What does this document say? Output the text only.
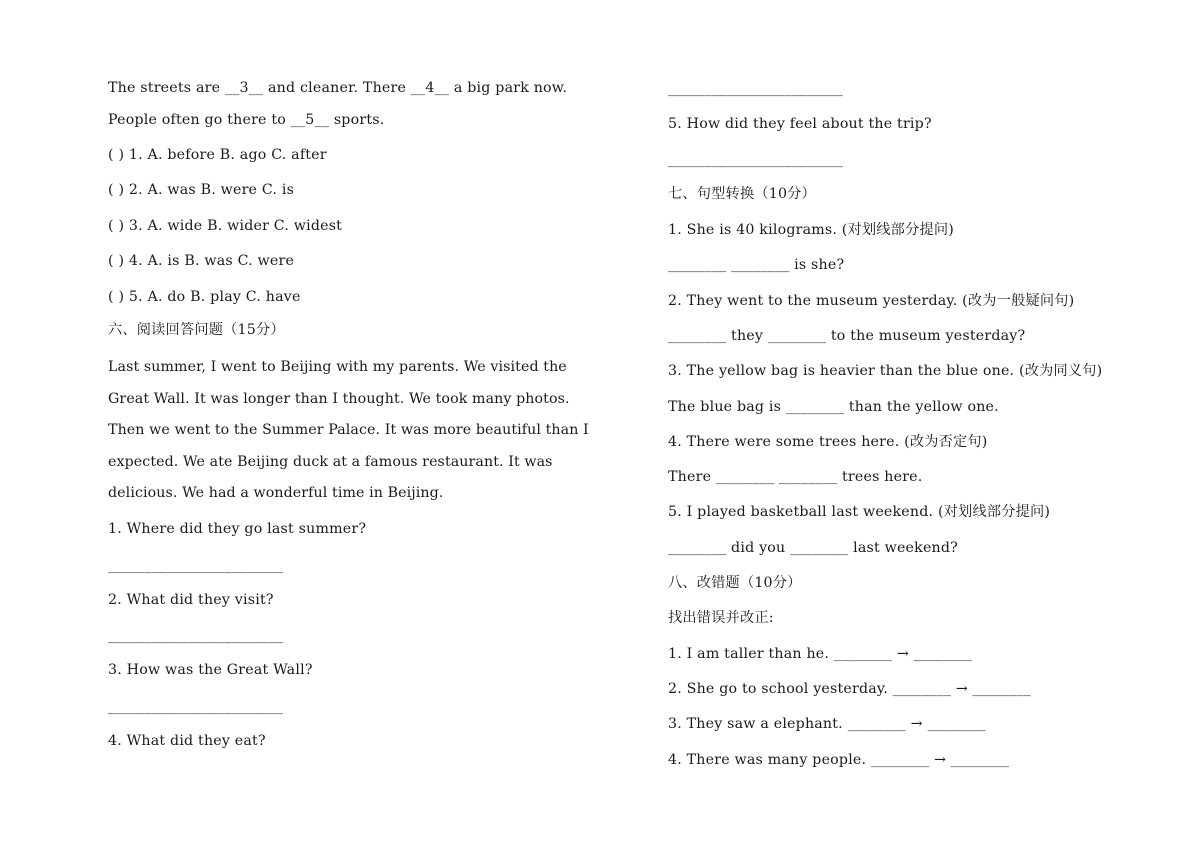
The streets are __3__ and cleaner. There __4__ a big park now.
People often go there to __5__ sports.
( ) 1. A. before B. ago C. after
( ) 2. A. was B. were C. is
( ) 3. A. wide B. wider C. widest
( ) 4. A. is B. was C. were
( ) 5. A. do B. play C. have
六、阅读回答问题（15分）
Last summer, I went to Beijing with my parents. We visited the
Great Wall. It was longer than I thought. We took many photos.
Then we went to the Summer Palace. It was more beautiful than I
expected. We ate Beijing duck at a famous restaurant. It was
delicious. We had a wonderful time in Beijing.
1. Where did they go last summer?
________________________
2. What did they visit?
________________________
3. How was the Great Wall?
________________________
4. What did they eat?
________________________
5. How did they feel about the trip?
________________________
七、句型转换（10分）
1. She is 40 kilograms. (对划线部分提问)
________ ________ is she?
2. They went to the museum yesterday. (改为一般疑问句)
________ they ________ to the museum yesterday?
3. The yellow bag is heavier than the blue one. (改为同义句)
The blue bag is ________ than the yellow one.
4. There were some trees here. (改为否定句)
There ________ ________ trees here.
5. I played basketball last weekend. (对划线部分提问)
________ did you ________ last weekend?
八、改错题（10分）
找出错误并改正:
1. I am taller than he. ________ → ________
2. She go to school yesterday. ________ → ________
3. They saw a elephant. ________ → ________
4. There was many people. ________ → ________
